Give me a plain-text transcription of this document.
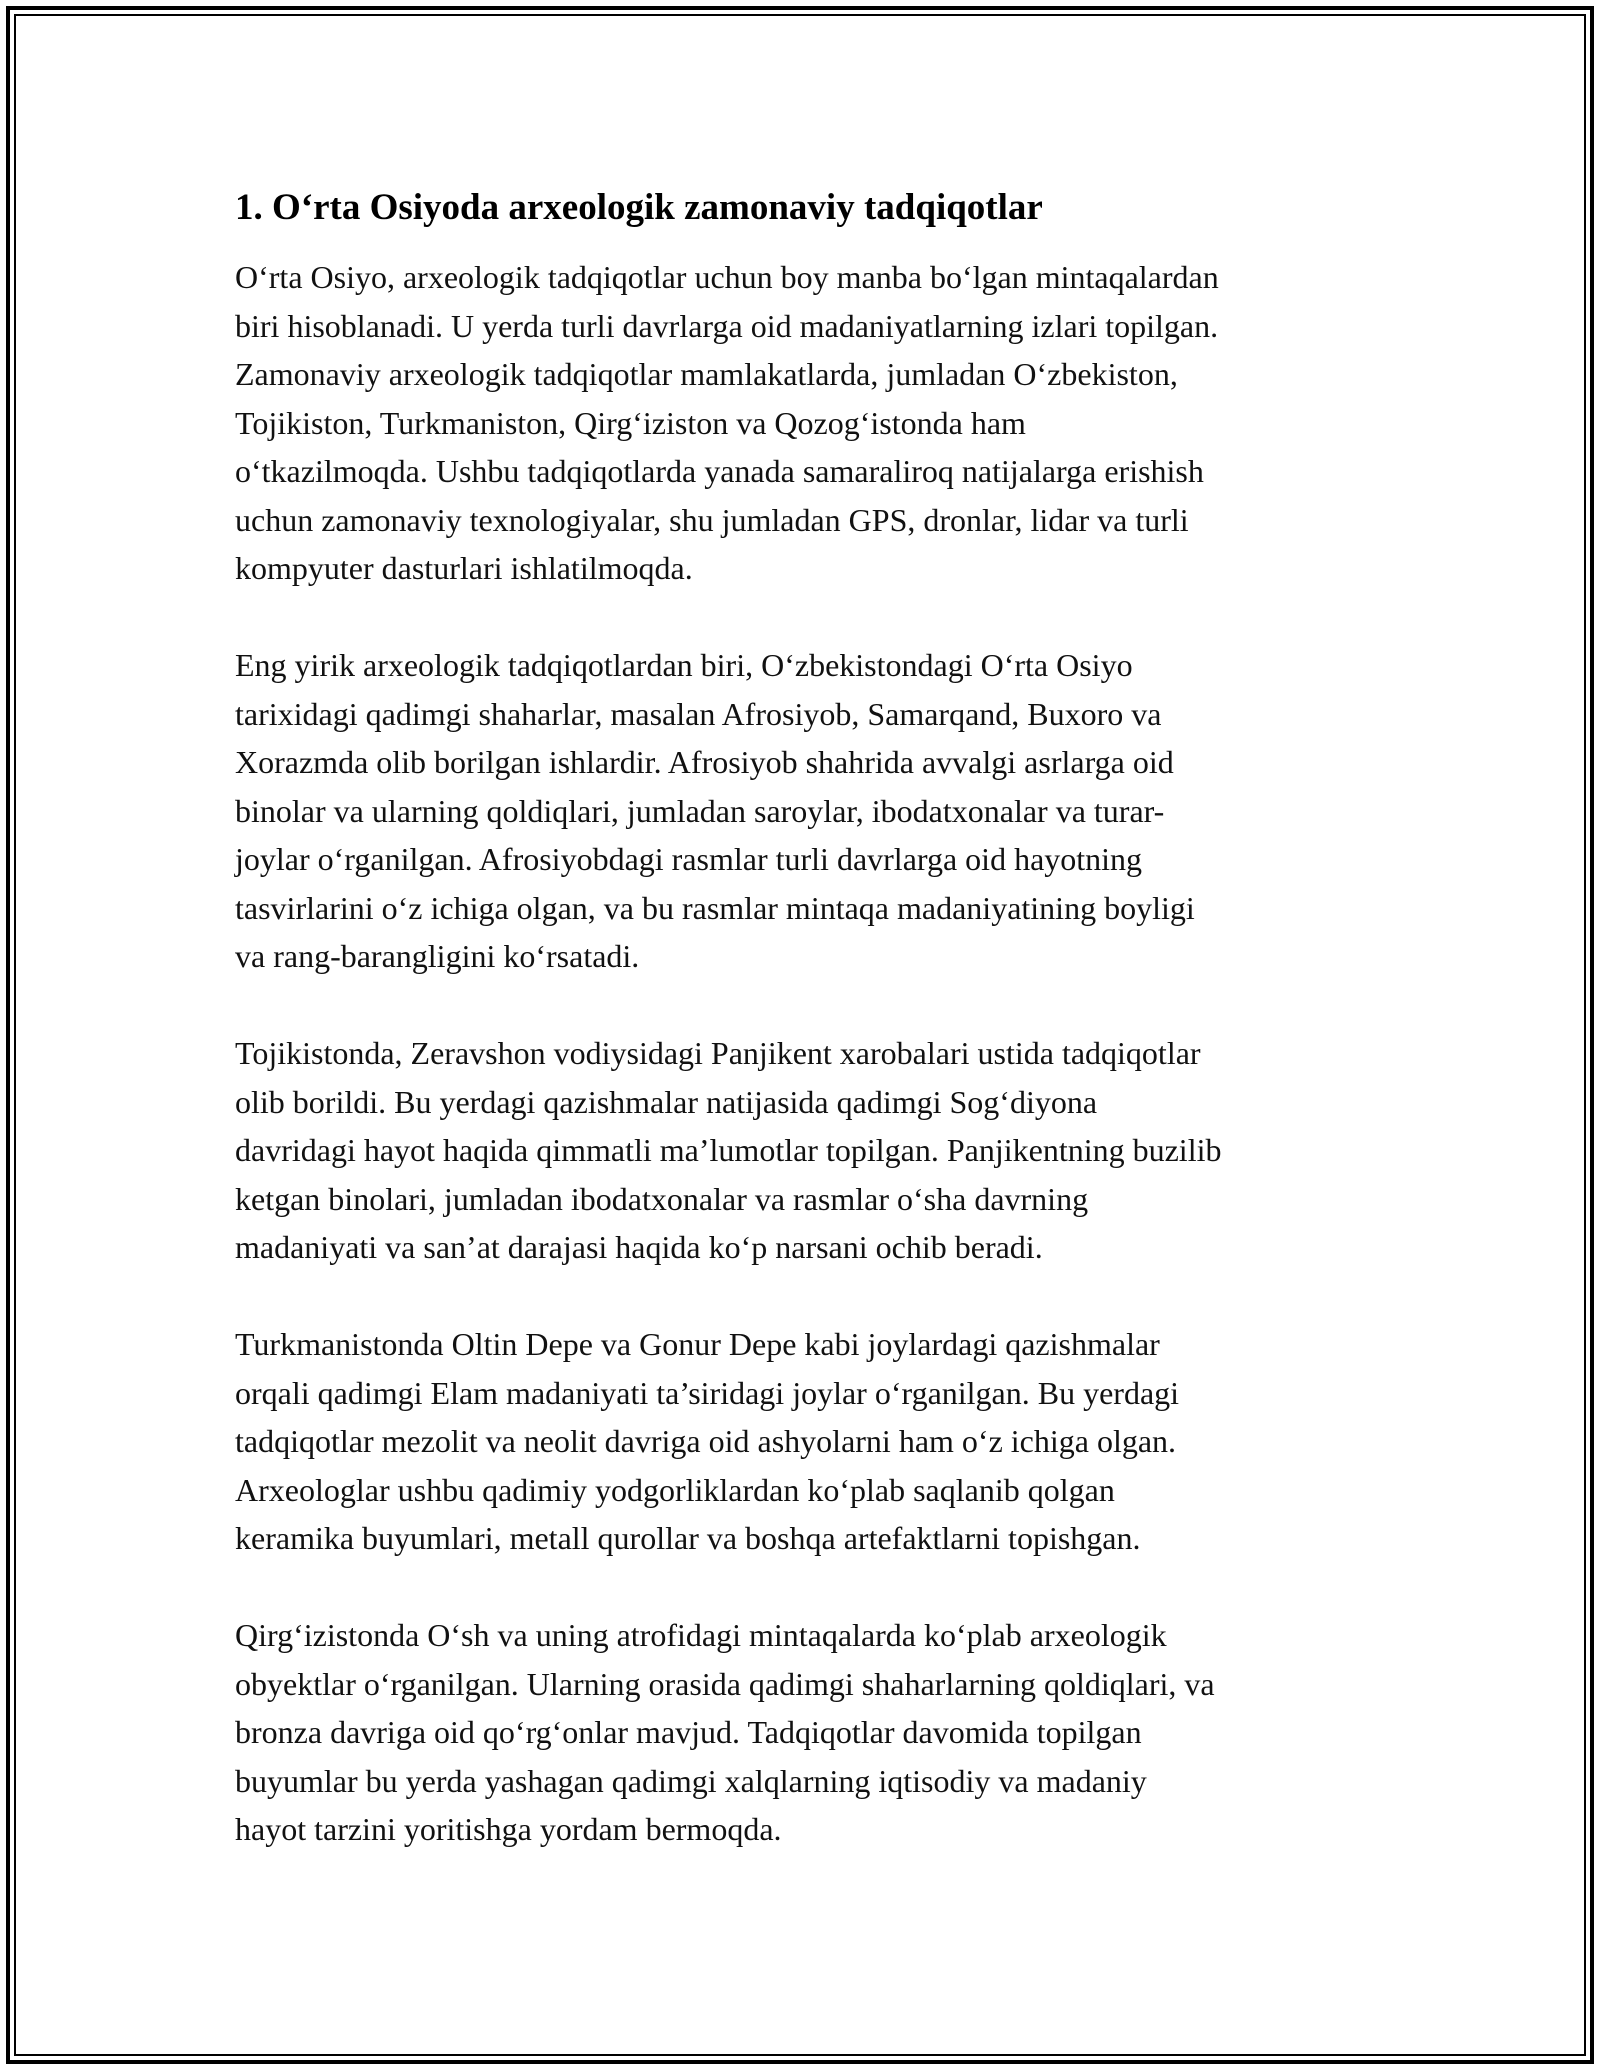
1. O‘rta Osiyoda arxeologik zamonaviy tadqiqotlar

O‘rta Osiyo, arxeologik tadqiqotlar uchun boy manba bo‘lgan mintaqalardan
biri hisoblanadi. U yerda turli davrlarga oid madaniyatlarning izlari topilgan.
Zamonaviy arxeologik tadqiqotlar mamlakatlarda, jumladan O‘zbekiston,
Tojikiston, Turkmaniston, Qirg‘iziston va Qozog‘istonda ham
o‘tkazilmoqda. Ushbu tadqiqotlarda yanada samaraliroq natijalarga erishish
uchun zamonaviy texnologiyalar, shu jumladan GPS, dronlar, lidar va turli
kompyuter dasturlari ishlatilmoqda.

Eng yirik arxeologik tadqiqotlardan biri, O‘zbekistondagi O‘rta Osiyo
tarixidagi qadimgi shaharlar, masalan Afrosiyob, Samarqand, Buxoro va
Xorazmda olib borilgan ishlardir. Afrosiyob shahrida avvalgi asrlarga oid
binolar va ularning qoldiqlari, jumladan saroylar, ibodatxonalar va turar-
joylar o‘rganilgan. Afrosiyobdagi rasmlar turli davrlarga oid hayotning
tasvirlarini o‘z ichiga olgan, va bu rasmlar mintaqa madaniyatining boyligi
va rang-barangligini ko‘rsatadi.

Tojikistonda, Zeravshon vodiysidagi Panjikent xarobalari ustida tadqiqotlar
olib borildi. Bu yerdagi qazishmalar natijasida qadimgi Sog‘diyona
davridagi hayot haqida qimmatli ma’lumotlar topilgan. Panjikentning buzilib
ketgan binolari, jumladan ibodatxonalar va rasmlar o‘sha davrning
madaniyati va san’at darajasi haqida ko‘p narsani ochib beradi.

Turkmanistonda Oltin Depe va Gonur Depe kabi joylardagi qazishmalar
orqali qadimgi Elam madaniyati ta’siridagi joylar o‘rganilgan. Bu yerdagi
tadqiqotlar mezolit va neolit davriga oid ashyolarni ham o‘z ichiga olgan.
Arxeologlar ushbu qadimiy yodgorliklardan ko‘plab saqlanib qolgan
keramika buyumlari, metall qurollar va boshqa artefaktlarni topishgan.

Qirg‘izistonda O‘sh va uning atrofidagi mintaqalarda ko‘plab arxeologik
obyektlar o‘rganilgan. Ularning orasida qadimgi shaharlarning qoldiqlari, va
bronza davriga oid qo‘rg‘onlar mavjud. Tadqiqotlar davomida topilgan
buyumlar bu yerda yashagan qadimgi xalqlarning iqtisodiy va madaniy
hayot tarzini yoritishga yordam bermoqda.
